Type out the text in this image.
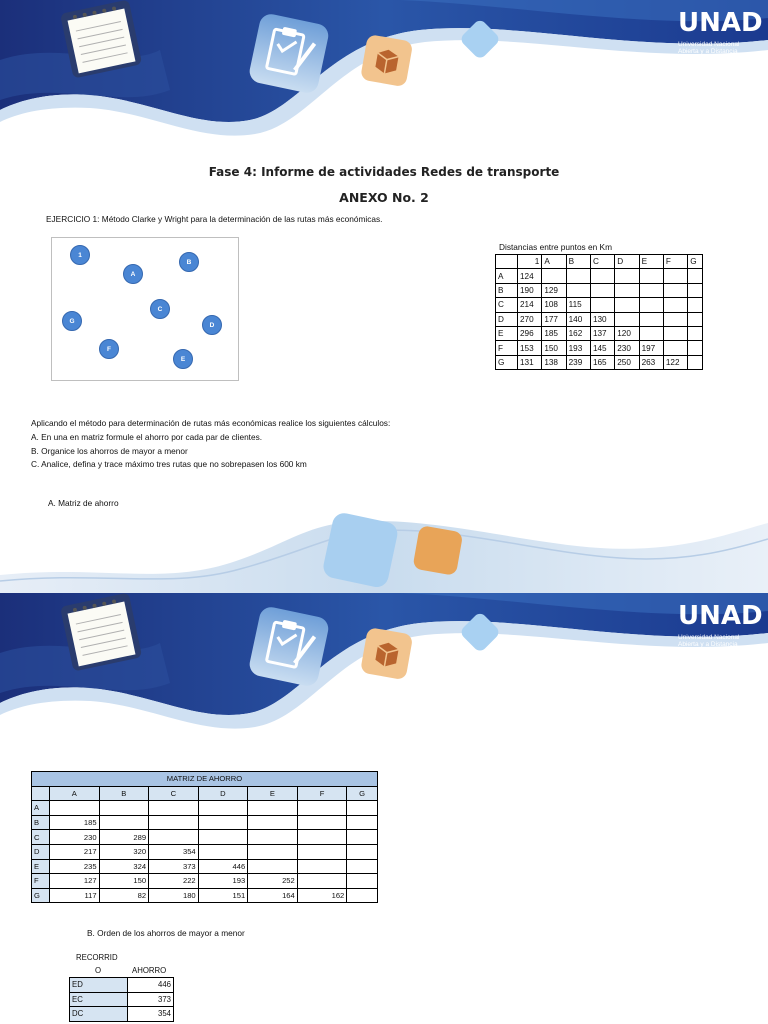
UNAD
Universidad Nacional
Abierta y a Distancia
Fase 4: Informe de actividades Redes de transporte
ANEXO No. 2
EJERCICIO 1: Método Clarke y Wright para la determinación de las rutas más económicas.
1
A
B
C
D
E
F
G
Distancias entre puntos en Km
	1	A	B	C	D	E	F	G
A	124							
B	190	129						
C	214	108	115					
D	270	177	140	130				
E	296	185	162	137	120			
F	153	150	193	145	230	197		
G	131	138	239	165	250	263	122	
Aplicando el método para determinación de rutas más económicas realice los siguientes cálculos:
A. En una en matriz formule el ahorro por cada par de clientes.
B. Organice los ahorros de mayor a menor
C. Analice, defina y trace máximo tres rutas que no sobrepasen los 600 km
A. Matriz de ahorro
UNAD
Universidad Nacional
Abierta y a Distancia
MATRIZ DE AHORRO							
	A	B	C	D	E	F	G
A							
B	185						
C	230	289					
D	217	320	354				
E	235	324	373	446			
F	127	150	222	193	252		
G	117	82	180	151	164	162	
B. Orden de los ahorros de mayor a menor
RECORRID
O	AHORRO
ED	446
EC	373
DC	354
